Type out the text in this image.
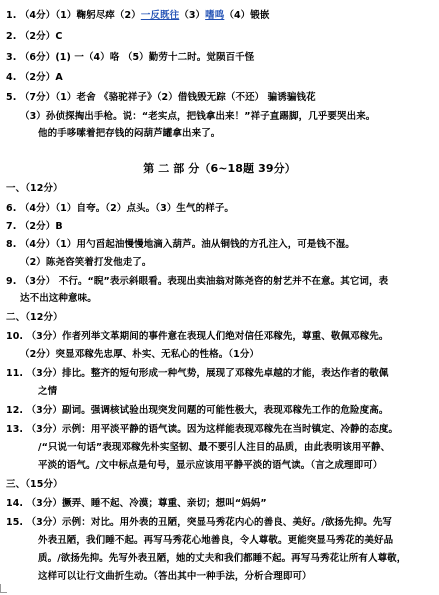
1. （4分）（1）鞠躬尽瘁（2）一反既往（3）嗜鸣（4）锻嵌
2. （2分）C
3. （6分）(1) 一（4）咯 （5）勤劳十二时。觉陨百千怪
4. （2分）A
5. （7分）（1）老舍 《骆驼祥子》（2）借钱毁无踪（不还） 骗诱骗钱花
（3）孙侦探掏出手枪。说：“老实点，把钱拿出来！”祥子直踢脚，几乎要哭出来。
他的手哆嗦着把存钱的闷葫芦罐拿出来了。
第 二 部 分（6~18题 39分）
一、（12分）
6. （4分）（1）自夸。（2）点头。（3）生气的样子。
7. （2分）B
8. （4分）（1）用勺舀起油慢慢地滴入葫芦。油从铜钱的方孔注入，可是钱不湿。
（2）陈尧咨笑着打发他走了。
9. （3分） 不行。“睨”表示斜眼看。表现出卖油翁对陈尧咨的射艺并不在意。其它词，表
达不出这种意味。
二、（12分）
10. （3分）作者列举文革期间的事件意在表现人们绝对信任邓稼先，尊重、敬佩邓稼先。
（2分）突显邓稼先忠厚、朴实、无私心的性格。（1分）
11. （3分）排比。整齐的短句形成一种气势，展现了邓稼先卓越的才能，表达作者的敬佩
之情
12. （3分）副词。强调核试验出现突发问题的可能性极大，表现邓稼先工作的危险度高。
13. （3分）示例：用平淡平静的语气读。因为这样能表现邓稼先在当时镇定、冷静的态度。
/“只说一句话”表现邓稼先朴实坚韧、最不要引人注目的品质，由此表明该用平静、
平淡的语气。/文中标点是句号，显示应该用平静平淡的语气读。（言之成理即可）
三、（15分）
14. （3分）撅弄、睡不起、冷漠；尊重、亲切；想叫“妈妈”
15. （3分）示例：对比。用外表的丑陋，突显马秀花内心的善良、美好。/欲扬先抑。先写
外表丑陋，我们睡不起。再写马秀花心地善良，令人尊敬。更能突显马秀花的美好品
质。/欲扬先抑。先写外表丑陋，她的丈夫和我们都睡不起。再写马秀花让所有人尊敬，
这样可以让行文曲折生动。（答出其中一种手法，分析合理即可）
